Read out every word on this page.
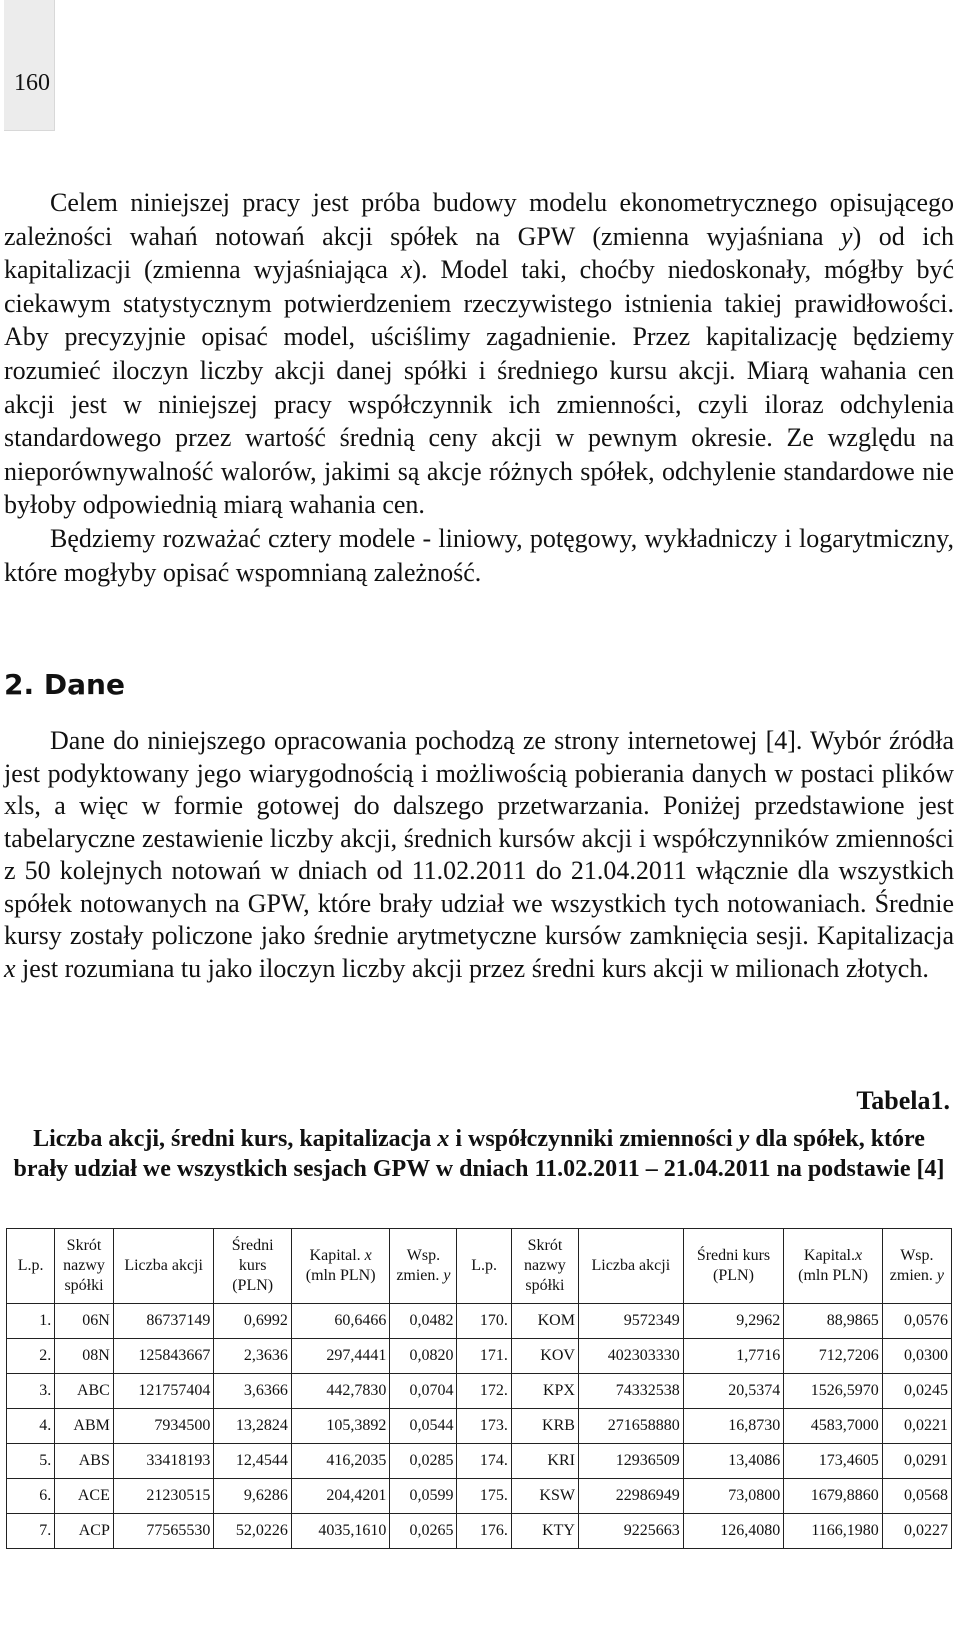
160

Celem niniejszej pracy jest próba budowy modelu ekonometrycznego opisującego zależności wahań notowań akcji spółek na GPW (zmienna wyjaśniana y) od ich kapitalizacji (zmienna wyjaśniająca x). Model taki, choćby niedoskonały, mógłby być ciekawym statystycznym potwierdzeniem rzeczywistego istnienia takiej prawidłowości. Aby precyzyjnie opisać model, uściślimy zagadnienie. Przez kapitalizację będziemy rozumieć iloczyn liczby akcji danej spółki i średniego kursu akcji. Miarą wahania cen akcji jest w niniejszej pracy współczynnik ich zmienności, czyli iloraz odchylenia standardowego przez wartość średnią ceny akcji w pewnym okresie. Ze względu na nieporównywalność walorów, jakimi są akcje różnych spółek, odchylenie standardowe nie byłoby odpowiednią miarą wahania cen.
Będziemy rozważać cztery modele - liniowy, potęgowy, wykładniczy i logarytmiczny, które mogłyby opisać wspomnianą zależność.

2. Dane

Dane do niniejszego opracowania pochodzą ze strony internetowej [4]. Wybór źródła jest podyktowany jego wiarygodnością i możliwością pobierania danych w postaci plików xls, a więc w formie gotowej do dalszego przetwarzania. Poniżej przedstawione jest tabelaryczne zestawienie liczby akcji, średnich kursów akcji i współczynników zmienności z 50 kolejnych notowań w dniach od 11.02.2011 do 21.04.2011 włącznie dla wszystkich spółek notowanych na GPW, które brały udział we wszystkich tych notowaniach. Średnie kursy zostały policzone jako średnie arytmetyczne kursów zamknięcia sesji. Kapitalizacja x jest rozumiana tu jako iloczyn liczby akcji przez średni kurs akcji w milionach złotych.

Tabela1.

Liczba akcji, średni kurs, kapitalizacja x i współczynniki zmienności y dla spółek, które brały udział we wszystkich sesjach GPW w dniach 11.02.2011 – 21.04.2011 na podstawie [4]

L.p.	Skrót nazwy spółki	Liczba akcji	Średni kurs (PLN)	Kapital. x (mln PLN)	Wsp. zmien. y	L.p.	Skrót nazwy spółki	Liczba akcji	Średni kurs (PLN)	Kapital.x (mln PLN)	Wsp. zmien. y
1.	06N	86737149	0,6992	60,6466	0,0482	170.	KOM	9572349	9,2962	88,9865	0,0576
2.	08N	125843667	2,3636	297,4441	0,0820	171.	KOV	402303330	1,7716	712,7206	0,0300
3.	ABC	121757404	3,6366	442,7830	0,0704	172.	KPX	74332538	20,5374	1526,5970	0,0245
4.	ABM	7934500	13,2824	105,3892	0,0544	173.	KRB	271658880	16,8730	4583,7000	0,0221
5.	ABS	33418193	12,4544	416,2035	0,0285	174.	KRI	12936509	13,4086	173,4605	0,0291
6.	ACE	21230515	9,6286	204,4201	0,0599	175.	KSW	22986949	73,0800	1679,8860	0,0568
7.	ACP	77565530	52,0226	4035,1610	0,0265	176.	KTY	9225663	126,4080	1166,1980	0,0227
